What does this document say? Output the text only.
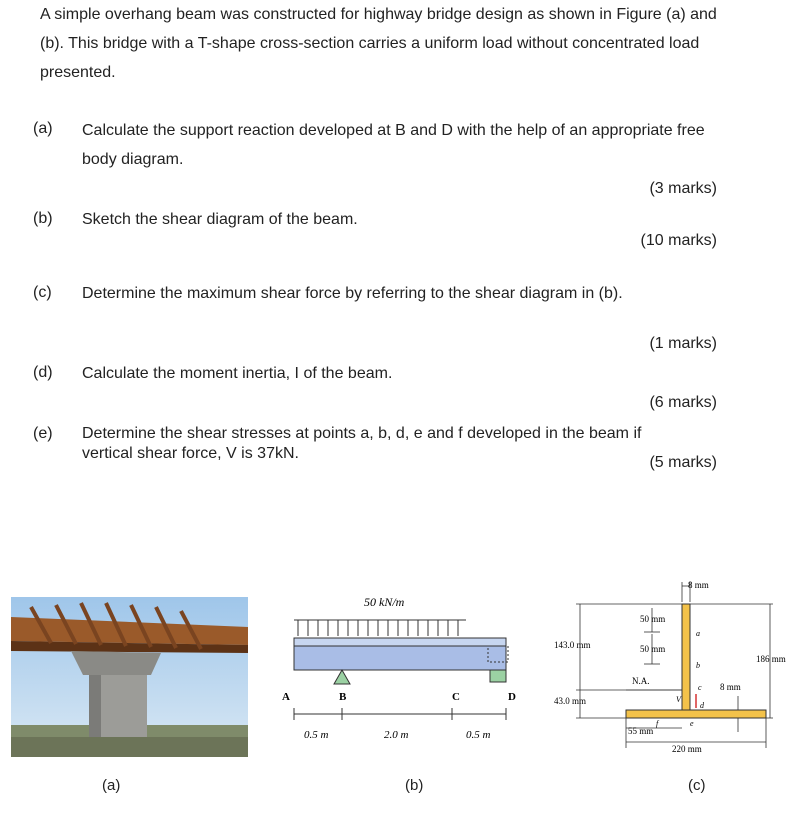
A simple overhang beam was constructed for highway bridge design as shown in Figure (a) and (b). This bridge with a T-shape cross-section carries a uniform load without concentrated load presented.
(a) Calculate the support reaction developed at B and D with the help of an appropriate free body diagram.
(3 marks)
(b) Sketch the shear diagram of the beam.
(10 marks)
(c) Determine the maximum shear force by referring to the shear diagram in (b).
(1 marks)
(d) Calculate the moment inertia, I of the beam.
(6 marks)
(e) Determine the shear stresses at points a, b, d, e and f developed in the beam if vertical shear force, V is 37kN.
(5 marks)
(a)
50 kN/m
A	B	C	D
0.5 m	2.0 m	0.5 m
(b)
8 mm
50 mm
50 mm
143.0 mm
43.0 mm
N.A.
186 mm
8 mm
55 mm
220 mm
a
b
c
d
e
f
V
(c)
